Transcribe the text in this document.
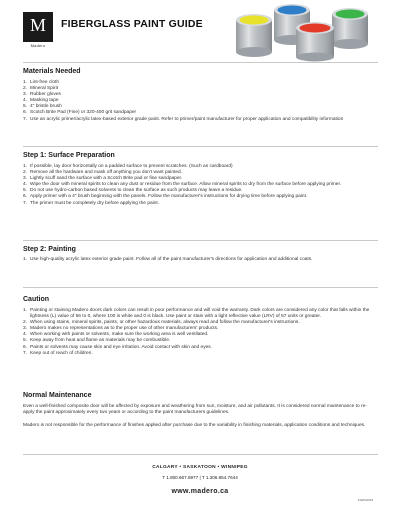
M
Madero
FIBERGLASS PAINT GUIDE
Materials Needed
1. Lint-free cloth
2. Mineral Spirit
3. Rubber gloves
4. Masking tape
5. 4" bristle brush
6. Scotch Brite Pad (Fine) or 320-400 grit sandpaper
7. Use an acrylic primer/acrylic latex-based exterior grade paint. Refer to primer/paint manufacturer for proper application and compatibility information
Step 1: Surface Preparation
1. If possible, lay door horizontally on a padded surface to prevent scratches. (Such as cardboard)
2. Remove all the hardware and mask off anything you don't want painted.
3. Lightly scuff sand the surface with a Scotch Brite pad or fine sandpaper.
4. Wipe the door with mineral spirits to clean any dust or residue from the surface. Allow mineral spirits to dry from the surface before applying primer.
5. Do not use hydro-carbon based solvents to clean the surface as such products may leave a residue.
6. Apply primer with a 4" brush beginning with the panels. Follow the manufacturer's instructions for drying time before applying paint.
7. The primer must be completely dry before applying the paint.
Step 2: Painting
1. Use high-quality acrylic latex exterior grade paint. Follow all of the paint manufacturer's directions for application and additional coats.
Caution
1. Painting or staining Madero doors dark colors can result in poor performance and will void the warranty. Dark colors are considered any color that falls within the lightness (L) value of 56 to 0, where 100 is white and 0 is black. Use paint or stain with a light reflective value (LRV) of 57 units or greater.
2. When using stains, mineral spirits, paints, or other hazardous materials, always read and follow the manufacturer's instructions.
3. Madero makes no representations as to the proper use of other manufacturers' products.
4. When working with paints or solvents, make sure the working area is well ventilated.
5. Keep away from heat and flame as materials may be combustible.
6. Paints or solvents may cause skin and eye irritation. Avoid contact with skin and eyes.
7. Keep out of reach of children.
Normal Maintenance
Even a well-finished composite door will be affected by exposure and weathering from sun, moisture, and air pollutants. It is considered normal maintenance to re-apply the paint approximately every two years or according to the paint manufacturers guidelines.
Madero is not responsible for the performance of finishes applied after purchase due to the variability in finishing materials, application conditions and techniques.
CALGARY • SASKATOON • WINNIPEG
T 1.800.667.6977 | T 1.306.654.7644
www.madero.ca
FGPG2015
